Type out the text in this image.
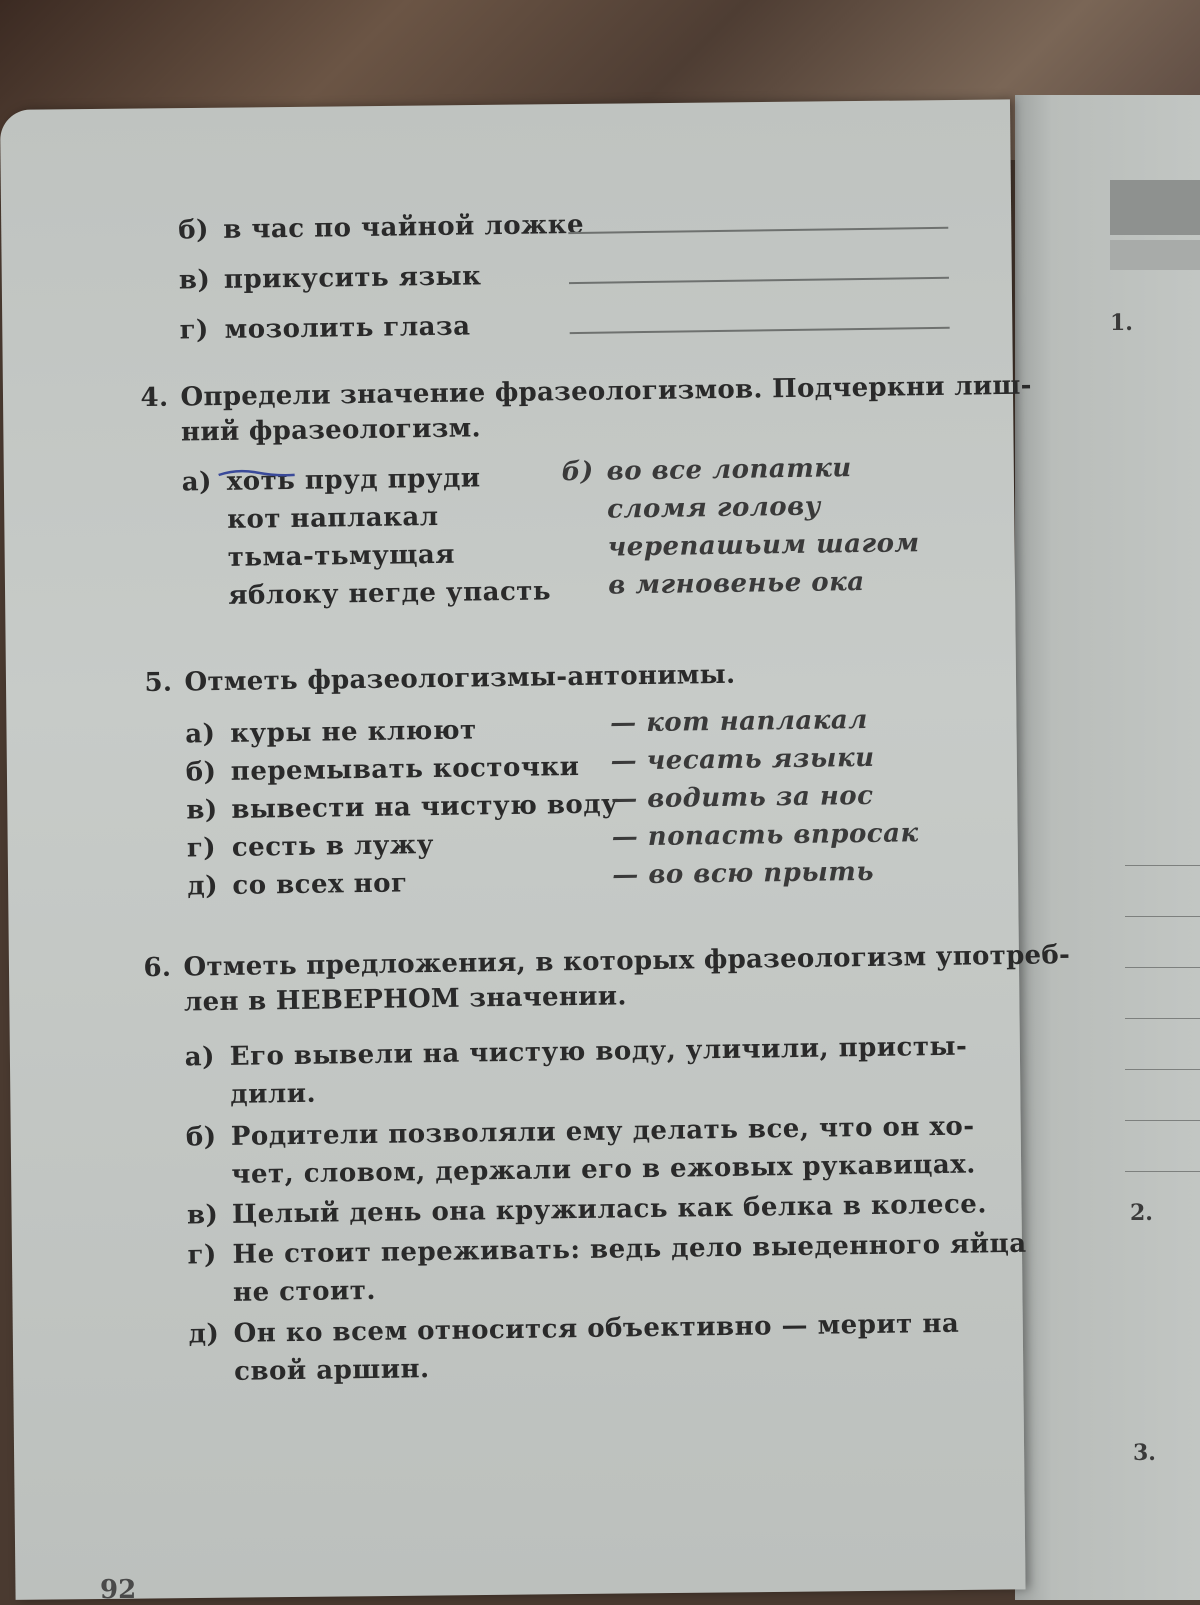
1.
2.
3.
б) в час по чайной ложке
в) прикусить язык
г) мозолить глаза
4. Определи значение фразеологизмов. Подчеркни лиш-
ний фразеологизм.
а) хоть пруд пруди
кот наплакал
тьма-тьмущая
яблоку негде упасть
б) во все лопатки
сломя голову
черепашьим шагом
в мгновенье ока
5. Отметь фразеологизмы-антонимы.
а) куры не клюют	— кот наплакал
б) перемывать косточки — чесать языки
в) вывести на чистую воду
— водить за нос
г) сесть в лужу	— попасть впросак
д) со всех ног	— во всю прыть
6. Отметь предложения, в которых фразеологизм употреб-
лен в НЕВЕРНОМ значении.
а) Его вывели на чистую воду, уличили, присты-
дили.
б) Родители позволяли ему делать все, что он хо-
чет, словом, держали его в ежовых рукавицах.
в) Целый день она кружилась как белка в колесе.
г) Не стоит переживать: ведь дело выеденного яйца
не стоит.
д) Он ко всем относится объективно — мерит на
свой аршин.
92
